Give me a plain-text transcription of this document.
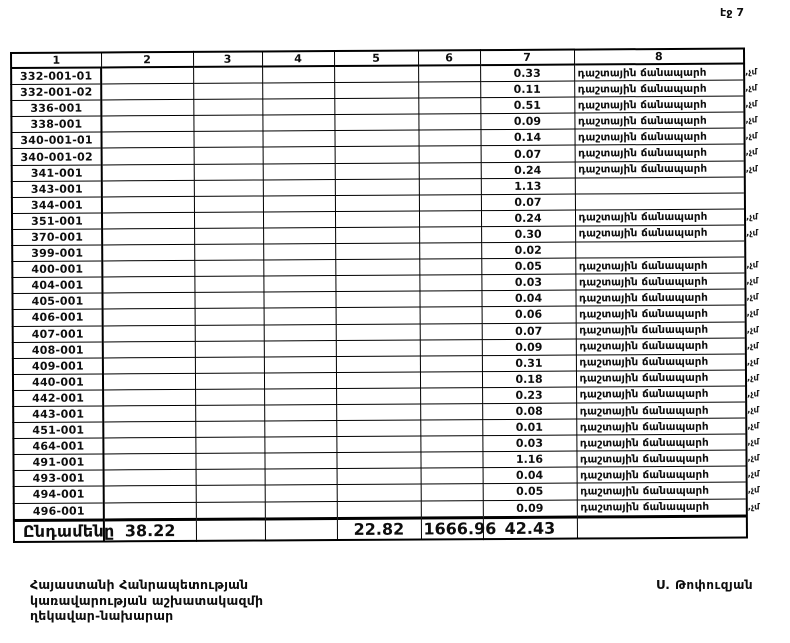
էջ 7
1	2	3	4	5	6	7	8
332-001-01						0.33	դաշտային ճանապարհ ,չմ

332-001-02						0.11	դաշտային ճանապարհ ,չմ

336-001						0.51	դաշտային ճանապարհ ,չմ

338-001						0.09	դաշտային ճանապարհ ,չմ

340-001-01						0.14	դաշտային ճանապարհ ,չմ

340-001-02						0.07	դաշտային ճանապարհ ,չմ

341-001						0.24	դաշտային ճանապարհ ,չմ

343-001						1.13	
344-001						0.07	
351-001						0.24	դաշտային ճանապարհ ,չմ

370-001						0.30	դաշտային ճանապարհ ,չմ

399-001						0.02	
400-001						0.05	դաշտային ճանապարհ ,չմ

404-001						0.03	դաշտային ճանապարհ ,չմ

405-001						0.04	դաշտային ճանապարհ ,չմ

406-001						0.06	դաշտային ճանապարհ ,չմ

407-001						0.07	դաշտային ճանապարհ ,չմ

408-001						0.09	դաշտային ճանապարհ ,չմ

409-001						0.31	դաշտային ճանապարհ ,չմ

440-001						0.18	դաշտային ճանապարհ ,չմ

442-001						0.23	դաշտային ճանապարհ ,չմ

443-001						0.08	դաշտային ճանապարհ ,չմ

451-001						0.01	դաշտային ճանապարհ ,չմ

464-001						0.03	դաշտային ճանապարհ ,չմ

491-001						1.16	դաշտային ճանապարհ ,չմ

493-001						0.04	դաշտային ճանապարհ ,չմ

494-001						0.05	դաշտային ճանապարհ ,չմ

496-001						0.09	դաշտային ճանապարհ ,չմ

Ընդամենը	38.22			22.82	1666.96	42.43	
Հայաստանի Հանրապետության
կառավարության աշխատակազմի
ղեկավար-նախարար
Ս. Թոփուզյան
